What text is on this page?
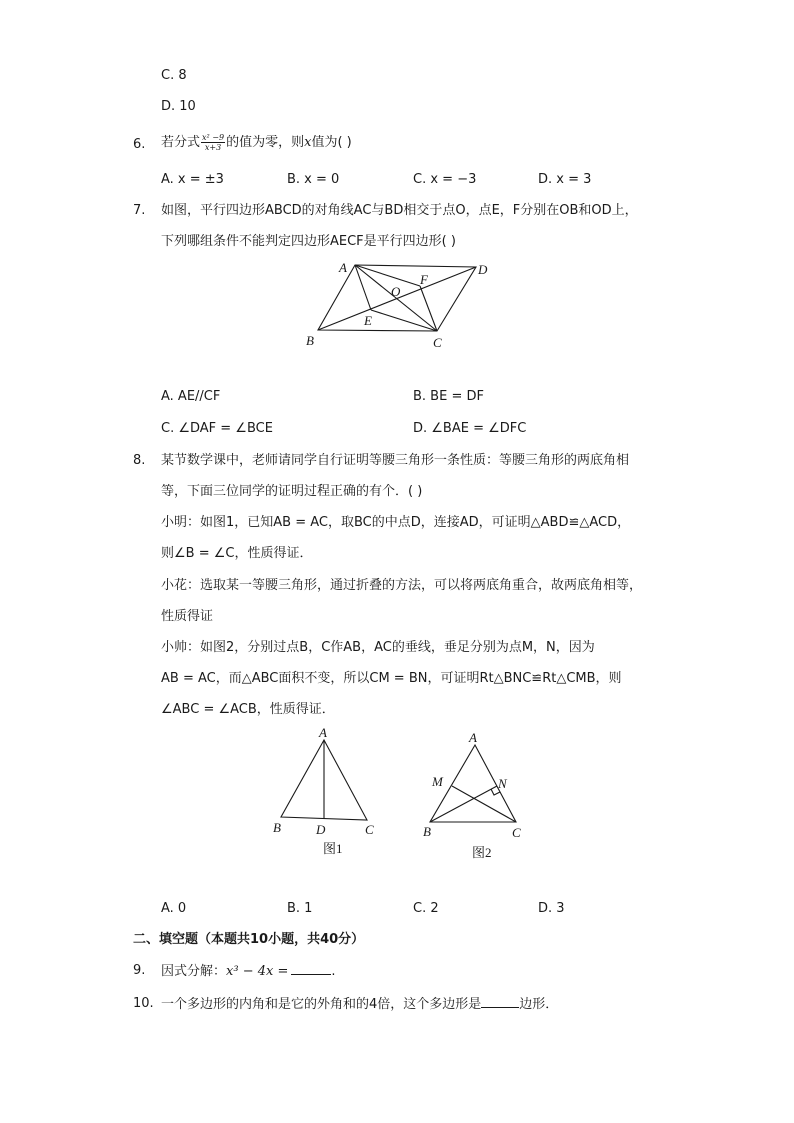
C. 8
D. 10
6. 若分式 $\frac{\text{x² −9}}{x+3}$ 的值为零，则x值为( )
A. x = ±3	B. x = 0	C. x = −3	D. x = 3
7. 如图，平行四边形ABCD的对角线AC与BD相交于点O，点E，F分别在OB和OD上，
下列哪组条件不能判定四边形AECF是平行四边形( )
A	D
B	C
O
F
E
A. AE//CF	B. BE = DF
C. ∠DAF = ∠BCE	D. ∠BAE = ∠DFC
8. 某节数学课中，老师请同学自行证明等腰三角形一条性质：等腰三角形的两底角相
等，下面三位同学的证明过程正确的有个．( )
小明：如图1，已知AB = AC，取BC的中点D，连接AD，可证明△ABD≌△ACD，
则∠B = ∠C，性质得证．
小花：选取某一等腰三角形，通过折叠的方法，可以将两底角重合，故两底角相等，
性质得证
小帅：如图2，分别过点B，C作AB，AC的垂线，垂足分别为点M，N，因为
AB = AC，而△ABC面积不变，所以CM = BN，可证明Rt△BNC≌Rt△CMB，则
∠ABC = ∠ACB，性质得证．
A
B	D	C
图1
A
M	N
B	C
图2
A. 0	B. 1	C. 2	D. 3
二、填空题（本题共10小题，共40分）
9. 因式分解：x³ − 4x =	.
10. 一个多边形的内角和是它的外角和的4倍，这个多边形是	边形．
